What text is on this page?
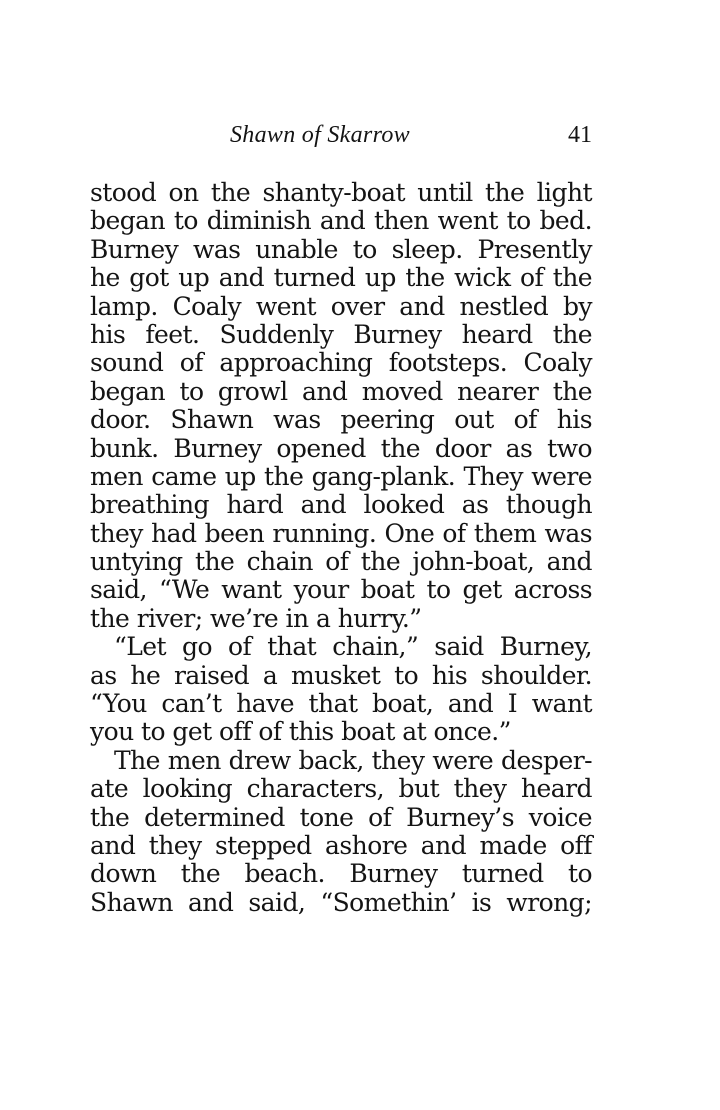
Shawn of Skarrow	41
stood on the shanty-boat until the light
began to diminish and then went to bed.
Burney was unable to sleep. Presently
he got up and turned up the wick of the
lamp. Coaly went over and nestled by
his feet. Suddenly Burney heard the
sound of approaching footsteps. Coaly
began to growl and moved nearer the
door. Shawn was peering out of his
bunk. Burney opened the door as two
men came up the gang-plank. They were
breathing hard and looked as though
they had been running. One of them was
untying the chain of the john-boat, and
said, “We want your boat to get across
the river; we’re in a hurry.”
“Let go of that chain,” said Burney,
as he raised a musket to his shoulder.
“You can’t have that boat, and I want
you to get off of this boat at once.”
The men drew back, they were desper-
ate looking characters, but they heard
the determined tone of Burney’s voice
and they stepped ashore and made off
down the beach. Burney turned to
Shawn and said, “Somethin’ is wrong;
